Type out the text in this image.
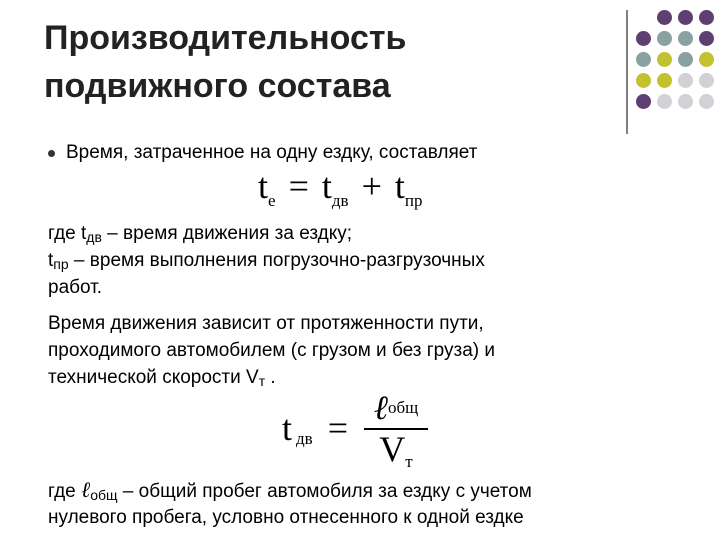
Производительность
подвижного состава
Время, затраченное на одну ездку, составляет
$t_е = t_{дв} + t_{пр}$
где $t_{дв}$ – время движения за ездку;
$t_{пр}$ – время выполнения погрузочно-разгрузочных
работ.
Время движения зависит от протяженности пути,
проходимого автомобилем (с грузом и без груза) и
технической скорости $V_т$ .
t $_{дв}$ = ℓобщ
Vт
где ℓ$_{общ}$ – общий пробег автомобиля за ездку с учетом
нулевого пробега, условно отнесенного к одной ездке
